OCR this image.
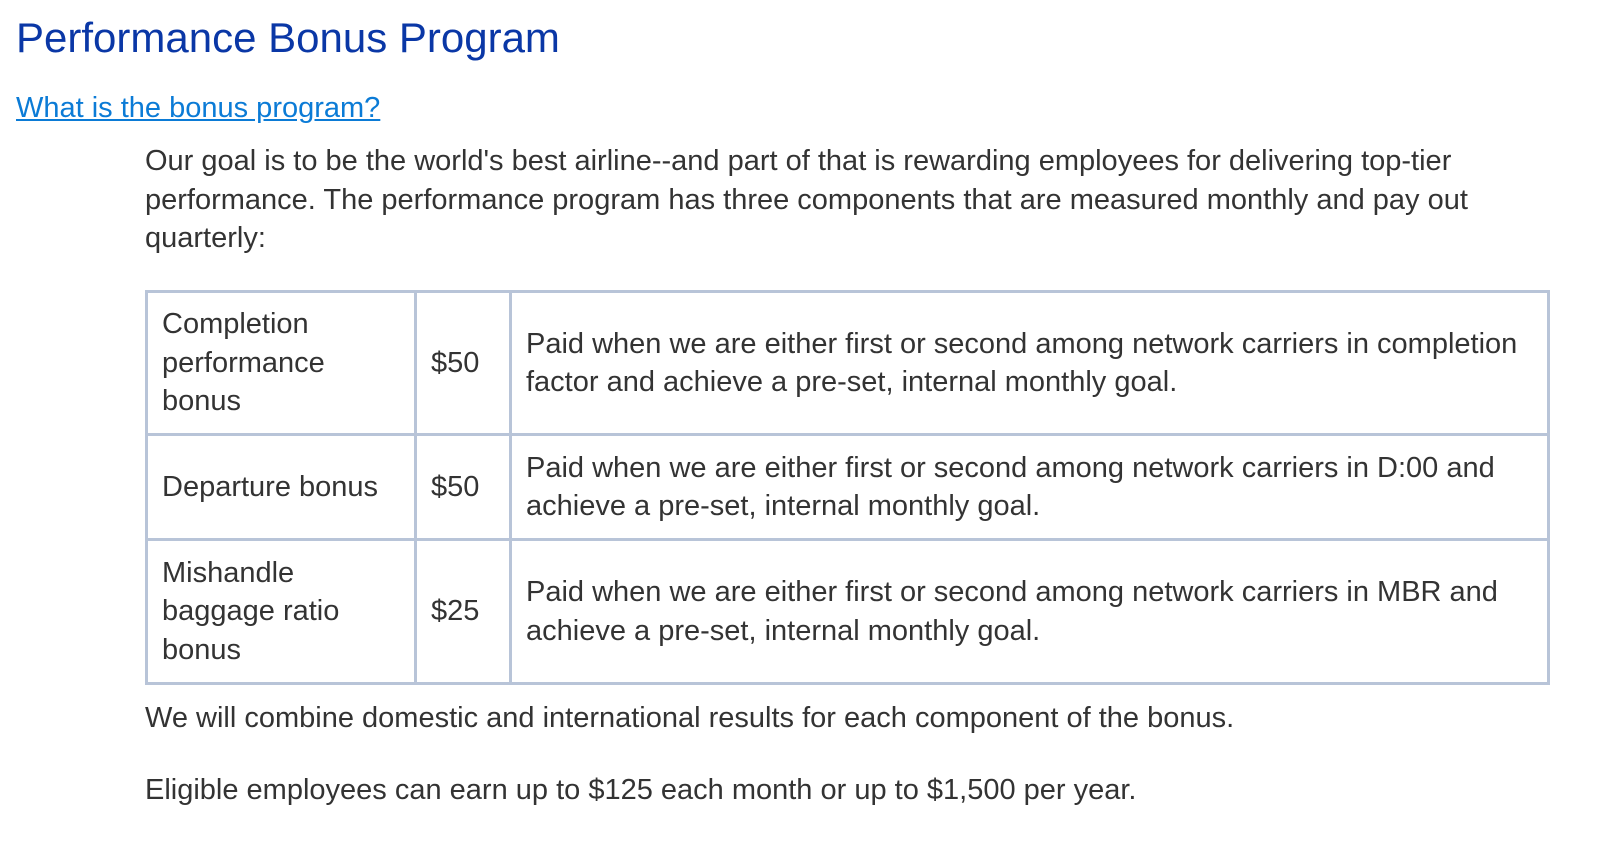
Performance Bonus Program
What is the bonus program?

Our goal is to be the world's best airline--and part of that is rewarding employees for delivering top-tier performance. The performance program has three components that are measured monthly and pay out quarterly:

Completion performance bonus	$50	Paid when we are either first or second among network carriers in completion factor and achieve a pre-set, internal monthly goal.
Departure bonus	$50	Paid when we are either first or second among network carriers in D:00 and achieve a pre-set, internal monthly goal.
Mishandle baggage ratio bonus	$25	Paid when we are either first or second among network carriers in MBR and achieve a pre-set, internal monthly goal.

We will combine domestic and international results for each component of the bonus.

Eligible employees can earn up to $125 each month or up to $1,500 per year.
